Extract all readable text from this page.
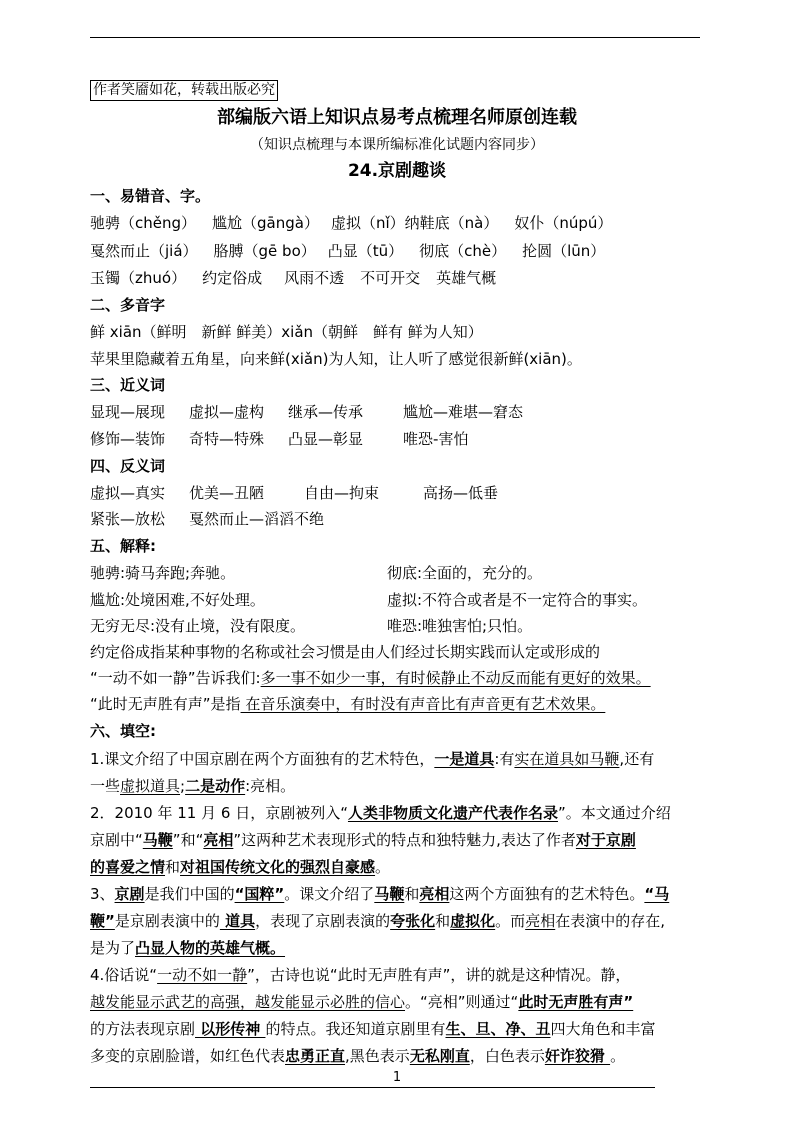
作者笑靥如花，转载出版必究
部编版六语上知识点易考点梳理名师原创连载
（知识点梳理与本课所编标准化试题内容同步）
24.京剧趣谈
一、易错音、字。
驰骋（chěng） 尴尬（gāngà） 虚拟（nǐ）纳鞋底（nà） 奴仆（núpú）
戛然而止（jiá） 胳膊（gē bo） 凸显（tū） 彻底（chè） 抡圆（lūn）
玉镯（zhuó） 约定俗成 风雨不透 不可开交 英雄气概
二、多音字
鲜 xiān（鲜明　新鲜 鲜美）xiǎn（朝鲜　鲜有 鲜为人知）
苹果里隐藏着五角星，向来鲜(xiǎn)为人知，让人听了感觉很新鲜(xiān)。
三、近义词
显现—展现 虚拟—虚构 继承—传承	尴尬—难堪—窘态
修饰—装饰 奇特—特殊 凸显—彰显	唯恐-害怕
四、反义词
虚拟—真实 优美—丑陋	自由—拘束	高扬—低垂
紧张—放松 戛然而止—滔滔不绝
五、解释:
驰骋:骑马奔跑;奔驰。	彻底:全面的，充分的。
尴尬:处境困难,不好处理。	虚拟:不符合或者是不一定符合的事实。
无穷无尽:没有止境，没有限度。	唯恐:唯独害怕;只怕。
约定俗成指某种事物的名称或社会习惯是由人们经过长期实践而认定或形成的
“一动不如一静”告诉我们:多一事不如少一事，有时候静止不动反而能有更好的效果。
“此时无声胜有声”是指 在音乐演奏中，有时没有声音比有声音更有艺术效果。
六、填空:
1.课文介绍了中国京剧在两个方面独有的艺术特色，一是道具:有实在道具如马鞭,还有
一些虚拟道具;二是动作:亮相。
2．2010 年 11 月 6 日，京剧被列入“人类非物质文化遗产代表作名录”。本文通过介绍
京剧中“马鞭”和“亮相”这两种艺术表现形式的特点和独特魅力,表达了作者对于京剧
的喜爱之情和对祖国传统文化的强烈自豪感。
3、京剧是我们中国的“国粹”。课文介绍了马鞭和亮相这两个方面独有的艺术特色。“马
鞭”是京剧表演中的 道具，表现了京剧表演的夸张化和虚拟化。而亮相在表演中的存在,
是为了凸显人物的英雄气概。
4.俗话说“一动不如一静”，古诗也说“此时无声胜有声”，讲的就是这种情况。静，
越发能显示武艺的高强，越发能显示必胜的信心。“亮相”则通过“此时无声胜有声”
的方法表现京剧 以形传神 的特点。我还知道京剧里有生、旦、净、丑四大角色和丰富
多变的京剧脸谱，如红色代表忠勇正直,黑色表示无私刚直，白色表示奸诈狡猾 。
1
